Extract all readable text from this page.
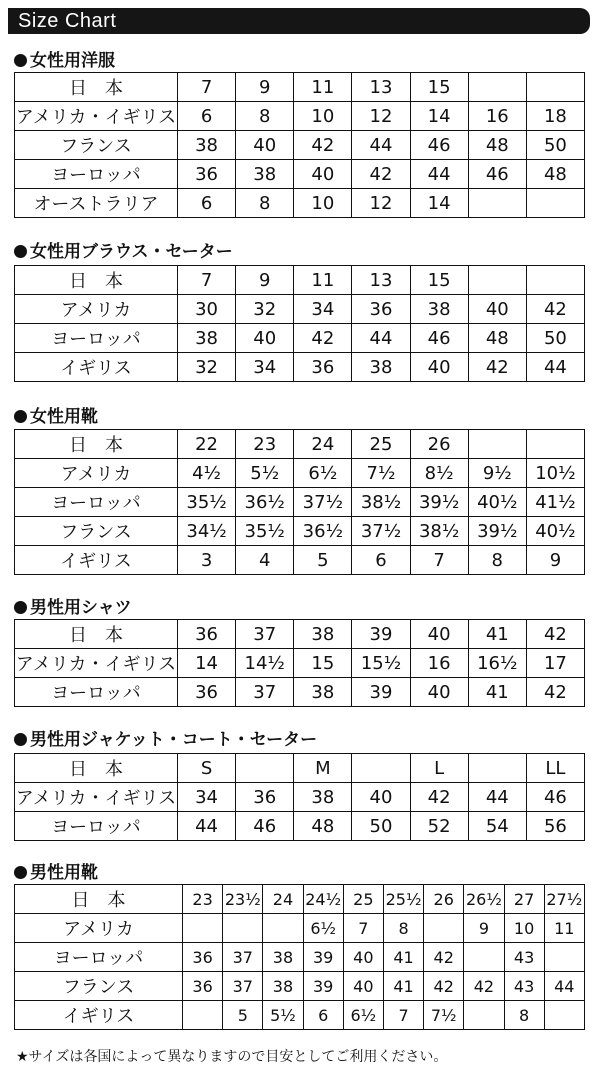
Size Chart
女性用洋服
日　本	7	9	11	13	15		
アメリカ・イギリス	6	8	10	12	14	16	18
フランス	38	40	42	44	46	48	50
ヨーロッパ	36	38	40	42	44	46	48
オーストラリア	6	8	10	12	14		
女性用ブラウス・セーター
日　本	7	9	11	13	15		
アメリカ	30	32	34	36	38	40	42
ヨーロッパ	38	40	42	44	46	48	50
イギリス	32	34	36	38	40	42	44
女性用靴
日　本	22	23	24	25	26		
アメリカ	4½	5½	6½	7½	8½	9½	10½
ヨーロッパ	35½	36½	37½	38½	39½	40½	41½
フランス	34½	35½	36½	37½	38½	39½	40½
イギリス	3	4	5	6	7	8	9
男性用シャツ
日　本	36	37	38	39	40	41	42
アメリカ・イギリス	14	14½	15	15½	16	16½	17
ヨーロッパ	36	37	38	39	40	41	42
男性用ジャケット・コート・セーター
日　本	S		M		L		LL
アメリカ・イギリス	34	36	38	40	42	44	46
ヨーロッパ	44	46	48	50	52	54	56
男性用靴
日　本	23	23½	24	24½	25	25½	26	26½	27	27½
アメリカ				6½	7	8		9	10	11
ヨーロッパ	36	37	38	39	40	41	42		43	
フランス	36	37	38	39	40	41	42	42	43	44
イギリス		5	5½	6	6½	7	7½		8	
★サイズは各国によって異なりますので目安としてご利用ください。
